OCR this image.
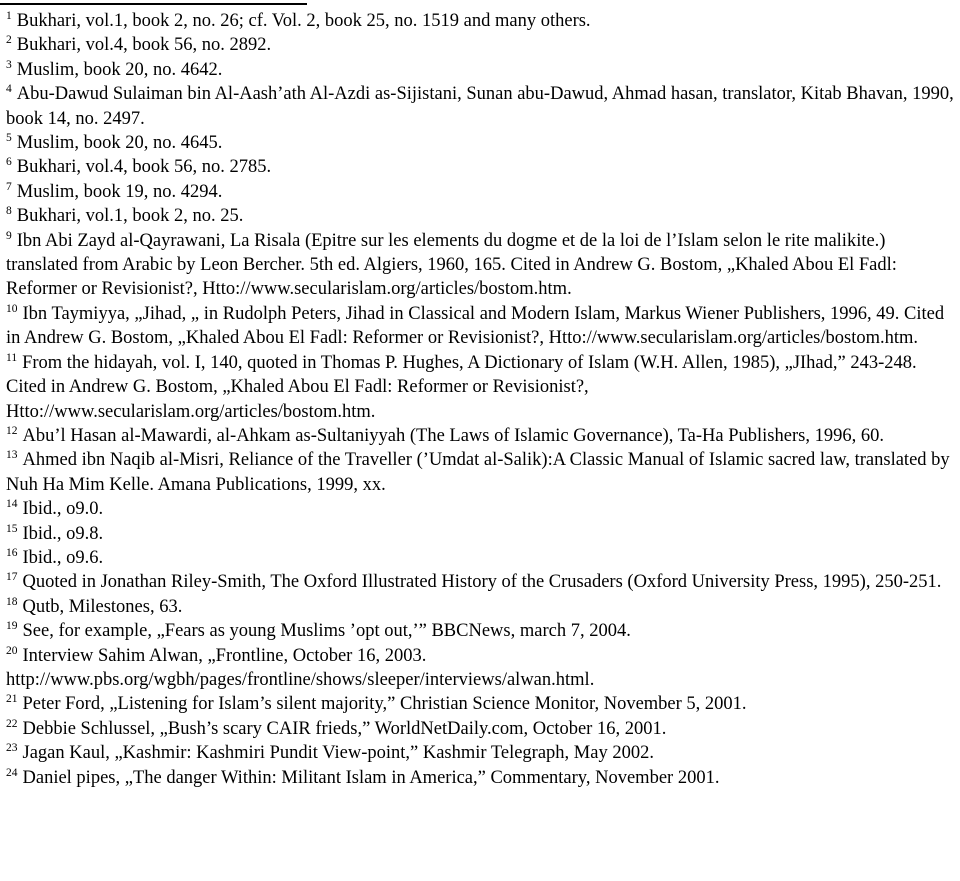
$^1$ Bukhari, vol.1, book 2, no. 26; cf. Vol. 2, book 25, no. 1519 and many others.

$^2$ Bukhari, vol.4, book 56, no. 2892.

$^3$ Muslim, book 20, no. 4642.

$^4$ Abu-Dawud Sulaiman bin Al-Aash’ath Al-Azdi as-Sijistani, Sunan abu-Dawud, Ahmad hasan, translator, Kitab Bhavan, 1990, book 14, no. 2497.

$^5$ Muslim, book 20, no. 4645.

$^6$ Bukhari, vol.4, book 56, no. 2785.

$^7$ Muslim, book 19, no. 4294.

$^8$ Bukhari, vol.1, book 2, no. 25.

$^9$ Ibn Abi Zayd al-Qayrawani, La Risala (Epitre sur les elements du dogme et de la loi de l’Islam selon le rite malikite.) translated from Arabic by Leon Bercher. 5th ed. Algiers, 1960, 165. Cited in Andrew G. Bostom, „Khaled Abou El Fadl: Reformer or Revisionist?, Htto://www.secularislam.org/articles/bostom.htm.

$^{10}$ Ibn Taymiyya, „Jihad, „ in Rudolph Peters, Jihad in Classical and Modern Islam, Markus Wiener Publishers, 1996, 49. Cited in Andrew G. Bostom, „Khaled Abou El Fadl: Reformer or Revisionist?, Htto://www.secularislam.org/articles/bostom.htm.

$^{11}$ From the hidayah, vol. I, 140, quoted in Thomas P. Hughes, A Dictionary of Islam (W.H. Allen, 1985), „JIhad,” 243-248. Cited in Andrew G. Bostom, „Khaled Abou El Fadl: Reformer or Revisionist?, Htto://www.secularislam.org/articles/bostom.htm.

$^{12}$ Abu’l Hasan al-Mawardi, al-Ahkam as-Sultaniyyah (The Laws of Islamic Governance), Ta-Ha Publishers, 1996, 60.

$^{13}$ Ahmed ibn Naqib al-Misri, Reliance of the Traveller (’Umdat al-Salik):A Classic Manual of Islamic sacred law, translated by Nuh Ha Mim Kelle. Amana Publications, 1999, xx.

$^{14}$ Ibid., o9.0.

$^{15}$ Ibid., o9.8.

$^{16}$ Ibid., o9.6.

$^{17}$ Quoted in Jonathan Riley-Smith, The Oxford Illustrated History of the Crusaders (Oxford University Press, 1995), 250-251.

$^{18}$ Qutb, Milestones, 63.

$^{19}$ See, for example, „Fears as young Muslims ’opt out,’” BBCNews, march 7, 2004.

$^{20}$ Interview Sahim Alwan, „Frontline, October 16, 2003. http://www.pbs.org/wgbh/pages/frontline/shows/sleeper/interviews/alwan.html.

$^{21}$ Peter Ford, „Listening for Islam’s silent majority,” Christian Science Monitor, November 5, 2001.

$^{22}$ Debbie Schlussel, „Bush’s scary CAIR frieds,” WorldNetDaily.com, October 16, 2001.

$^{23}$ Jagan Kaul, „Kashmir: Kashmiri Pundit View-point,” Kashmir Telegraph, May 2002.

$^{24}$ Daniel pipes, „The danger Within: Militant Islam in America,” Commentary, November 2001.
